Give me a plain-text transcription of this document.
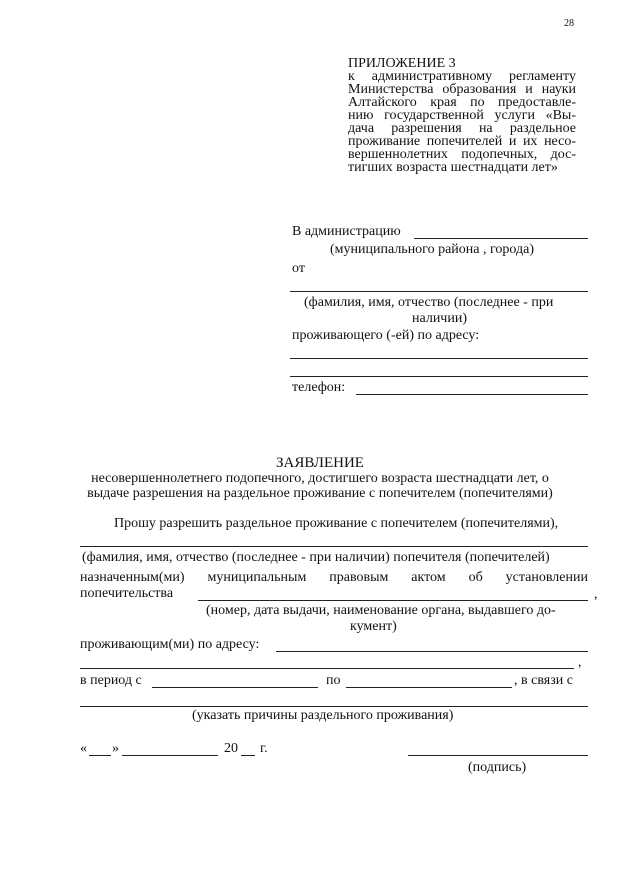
28
ПРИЛОЖЕНИЕ 3
к административному регламенту
Министерства образования и науки
Алтайского края по предоставле-
нию государственной услуги «Вы-
дача разрешения на раздельное
проживание попечителей и их несо-
вершеннолетних подопечных, дос-
тигших возраста шестнадцати лет»
В администрацию
(муниципального района , города)
от
(фамилия, имя, отчество (последнее - при
наличии)
проживающего (-ей) по адресу:
телефон:
ЗАЯВЛЕНИЕ
несовершеннолетнего подопечного, достигшего возраста шестнадцати лет, о
выдаче разрешения на раздельное проживание с попечителем (попечителями)
Прошу разрешить раздельное проживание с попечителем (попечителями),
(фамилия, имя, отчество (последнее - при наличии) попечителя (попечителей)
назначенным(ми) муниципальным правовым актом об установлении
попечительства	,
(номер, дата выдачи, наименование органа, выдавшего до-
кумент)
проживающим(ми) по адресу:
,
в период с	по	, в связи с
(указать причины раздельного проживания)
« »	20 г.
(подпись)
